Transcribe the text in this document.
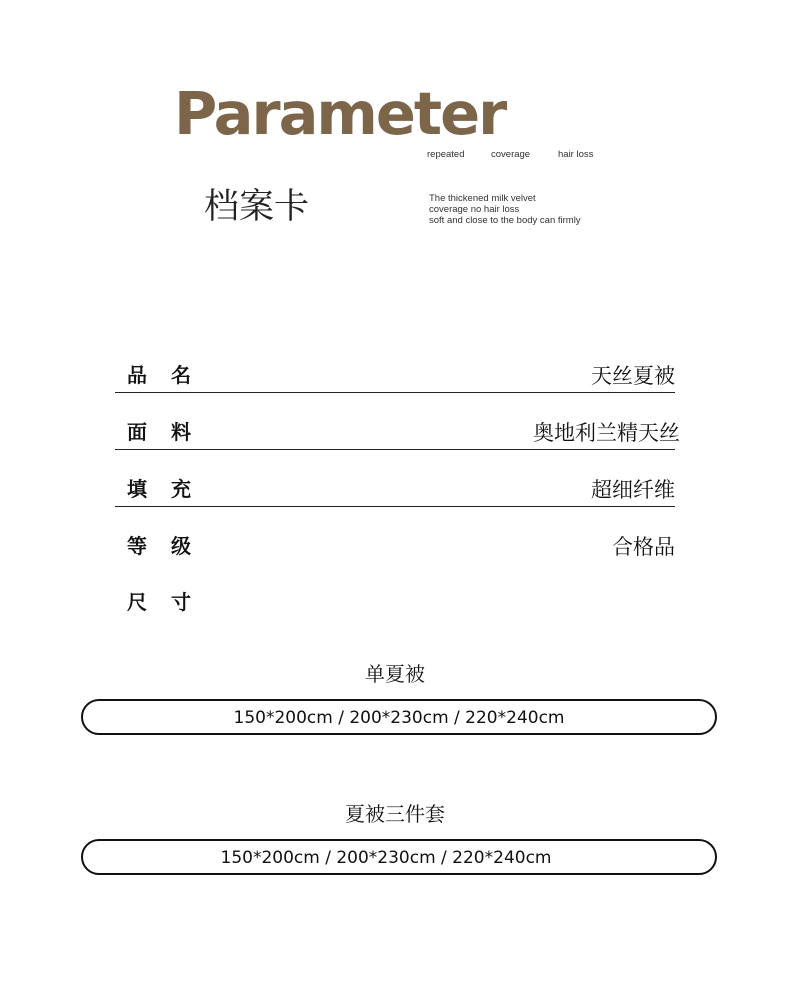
Parameter
repeated	coverage	hair loss
档案卡	The thickened milk velvet
coverage no hair loss
soft and close to the body can firmly
品名	天丝夏被
面料	奥地利兰精天丝
填充	超细纤维
等级	合格品
尺寸
单夏被
150*200cm / 200*230cm / 220*240cm
夏被三件套
150*200cm / 200*230cm / 220*240cm
